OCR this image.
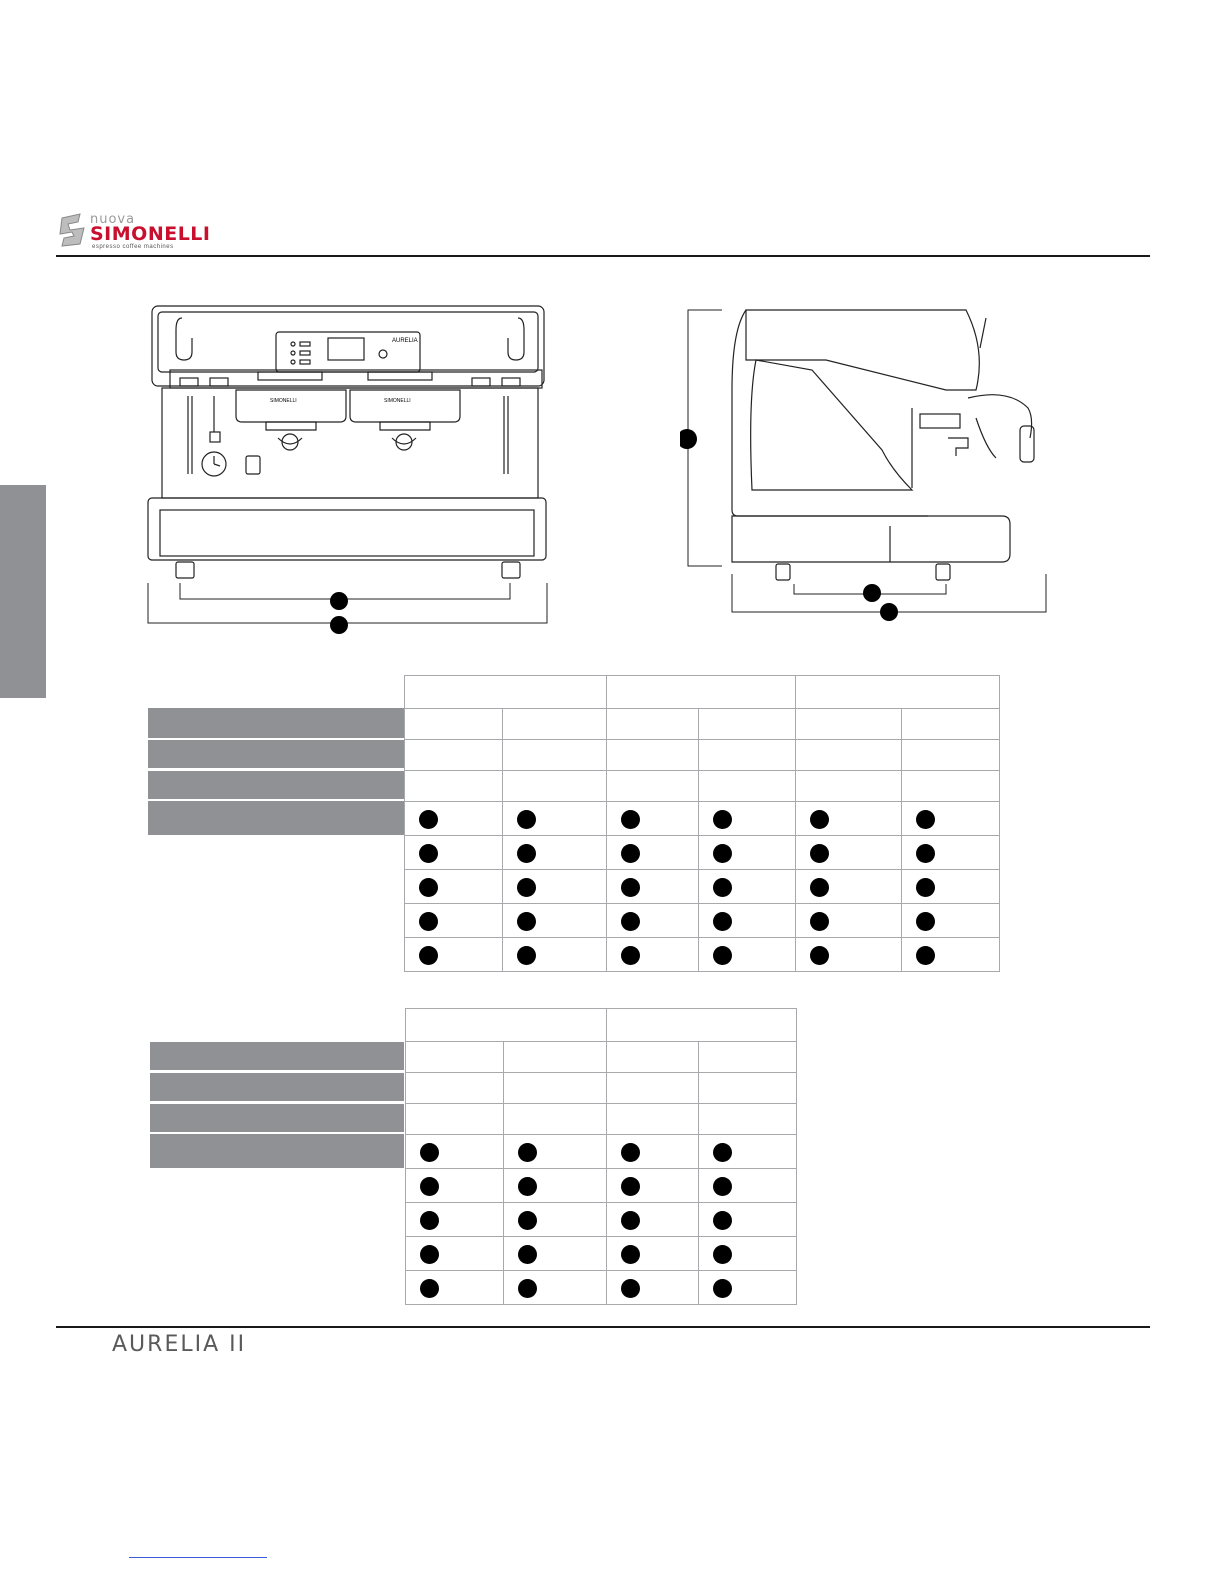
nuova
SIMONELLI
espresso coffee machines
AURELIA
SIMONELLI	SIMONELLI

AURELIA II
